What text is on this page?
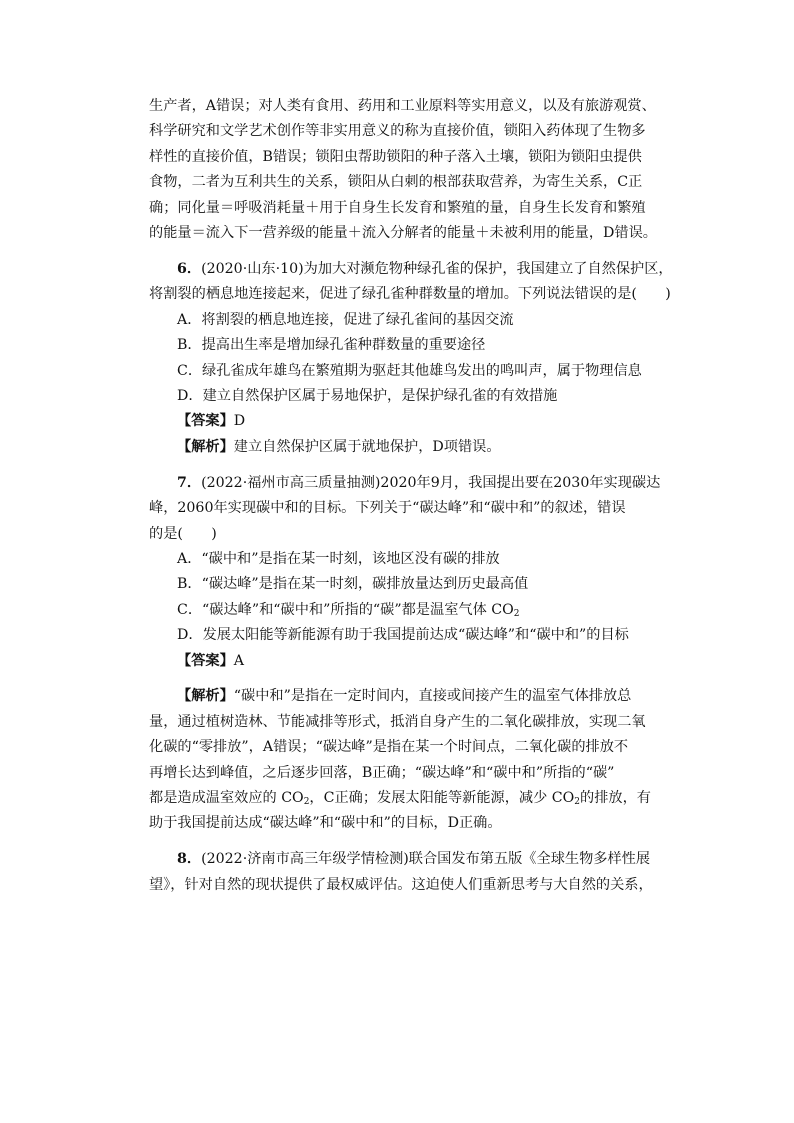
生产者，A错误；对人类有食用、药用和工业原料等实用意义，以及有旅游观赏、

科学研究和文学艺术创作等非实用意义的称为直接价值，锁阳入药体现了生物多

样性的直接价值，B错误；锁阳虫帮助锁阳的种子落入土壤，锁阳为锁阳虫提供

食物，二者为互利共生的关系，锁阳从白刺的根部获取营养，为寄生关系，C正

确；同化量＝呼吸消耗量＋用于自身生长发育和繁殖的量，自身生长发育和繁殖

的能量＝流入下一营养级的能量＋流入分解者的能量＋未被利用的能量，D错误。

6．(2020·山东·10)为加大对濒危物种绿孔雀的保护，我国建立了自然保护区，

将割裂的栖息地连接起来，促进了绿孔雀种群数量的增加。下列说法错误的是(　　)

A．将割裂的栖息地连接，促进了绿孔雀间的基因交流

B．提高出生率是增加绿孔雀种群数量的重要途径

C．绿孔雀成年雄鸟在繁殖期为驱赶其他雄鸟发出的鸣叫声，属于物理信息

D．建立自然保护区属于易地保护，是保护绿孔雀的有效措施

【答案】D

【解析】建立自然保护区属于就地保护，D项错误。

7．(2022·福州市高三质量抽测)2020年9月，我国提出要在2030年实现碳达

峰，2060年实现碳中和的目标。下列关于“碳达峰”和“碳中和”的叙述，错误

的是(　　)

A．“碳中和”是指在某一时刻，该地区没有碳的排放

B．“碳达峰”是指在某一时刻，碳排放量达到历史最高值

C．“碳达峰”和“碳中和”所指的“碳”都是温室气体 $CO_2$

D．发展太阳能等新能源有助于我国提前达成“碳达峰”和“碳中和”的目标

【答案】A

【解析】“碳中和”是指在一定时间内，直接或间接产生的温室气体排放总

量，通过植树造林、节能减排等形式，抵消自身产生的二氧化碳排放，实现二氧

化碳的“零排放”，A错误；“碳达峰”是指在某一个时间点，二氧化碳的排放不

再增长达到峰值，之后逐步回落，B正确；“碳达峰”和“碳中和”所指的“碳”

都是造成温室效应的 $CO_2$，C正确；发展太阳能等新能源，减少 $CO_2$的排放，有

助于我国提前达成“碳达峰”和“碳中和”的目标，D正确。

8．(2022·济南市高三年级学情检测)联合国发布第五版《全球生物多样性展

望》，针对自然的现状提供了最权威评估。这迫使人们重新思考与大自然的关系，
